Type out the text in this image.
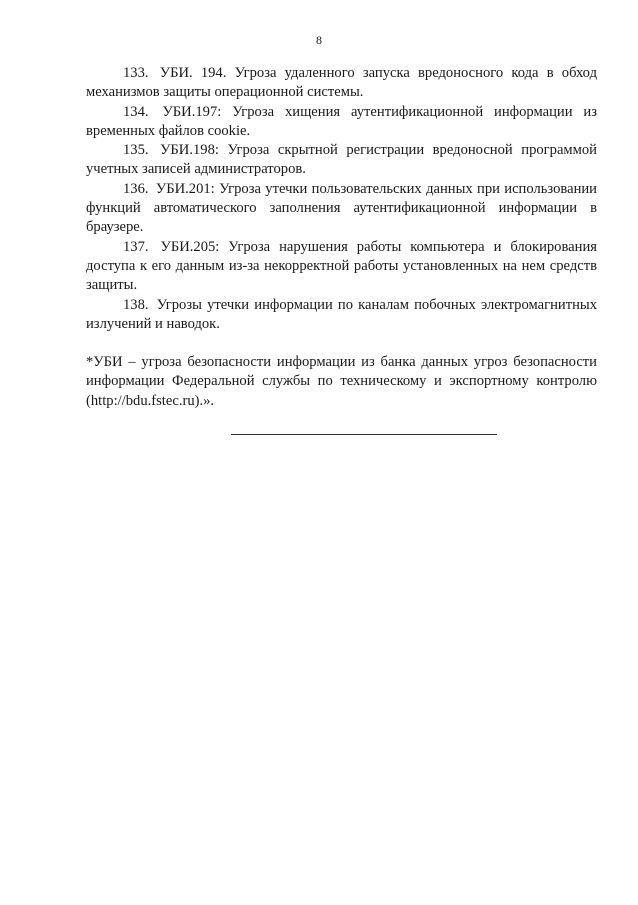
8

133. УБИ. 194. Угроза удаленного запуска вредоносного кода в обход механизмов защиты операционной системы.

134. УБИ.197: Угроза хищения аутентификационной информации из временных файлов cookie.

135. УБИ.198: Угроза скрытной регистрации вредоносной программой учетных записей администраторов.

136. УБИ.201: Угроза утечки пользовательских данных при использовании функций автоматического заполнения аутентификационной информации в браузере.

137. УБИ.205: Угроза нарушения работы компьютера и блокирования доступа к его данным из-за некорректной работы установленных на нем средств защиты.

138. Угрозы утечки информации по каналам побочных электромагнитных излучений и наводок.

*УБИ – угроза безопасности информации из банка данных угроз безопасности информации Федеральной службы по техническому и экспортному контролю (http://bdu.fstec.ru).».
